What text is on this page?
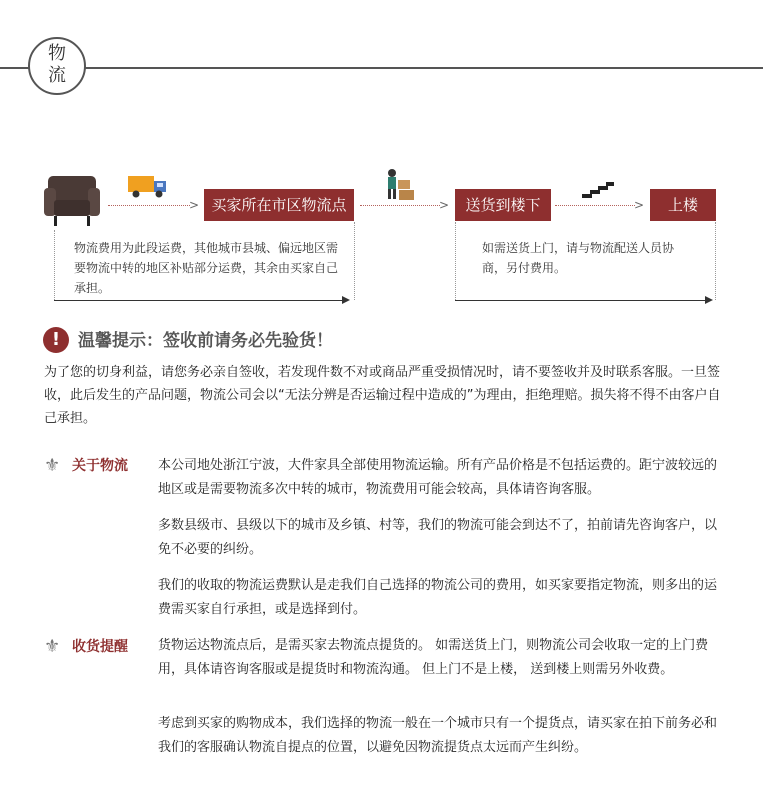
物
流
>	>	>
买家所在市区物流点	送货到楼下	上楼
物流费用为此段运费，其他城市县城、偏远地区需要物流中转的地区补贴部分运费，其余由买家自己承担。
如需送货上门，请与物流配送人员协商，另付费用。
!	温馨提示：签收前请务必先验货！
为了您的切身利益，请您务必亲自签收，若发现件数不对或商品严重受损情况时，请不要签收并及时联系客服。一旦签收，此后发生的产品问题，物流公司会以“无法分辨是否运输过程中造成的”为理由，拒绝理赔。损失将不得不由客户自己承担。
⚜ 关于物流 本公司地处浙江宁波，大件家具全部使用物流运输。所有产品价格是不包括运费的。距宁波较远的地区或是需要物流多次中转的城市，物流费用可能会较高，具体请咨询客服。
多数县级市、县级以下的城市及乡镇、村等，我们的物流可能会到达不了，拍前请先咨询客户，以免不必要的纠纷。
我们的收取的物流运费默认是走我们自己选择的物流公司的费用，如买家要指定物流，则多出的运费需买家自行承担，或是选择到付。
⚜ 收货提醒 货物运达物流点后，是需买家去物流点提货的。 如需送货上门，则物流公司会收取一定的上门费用，具体请咨询客服或是提货时和物流沟通。 但上门不是上楼， 送到楼上则需另外收费。
考虑到买家的购物成本，我们选择的物流一般在一个城市只有一个提货点，请买家在拍下前务必和我们的客服确认物流自提点的位置，以避免因物流提货点太远而产生纠纷。
